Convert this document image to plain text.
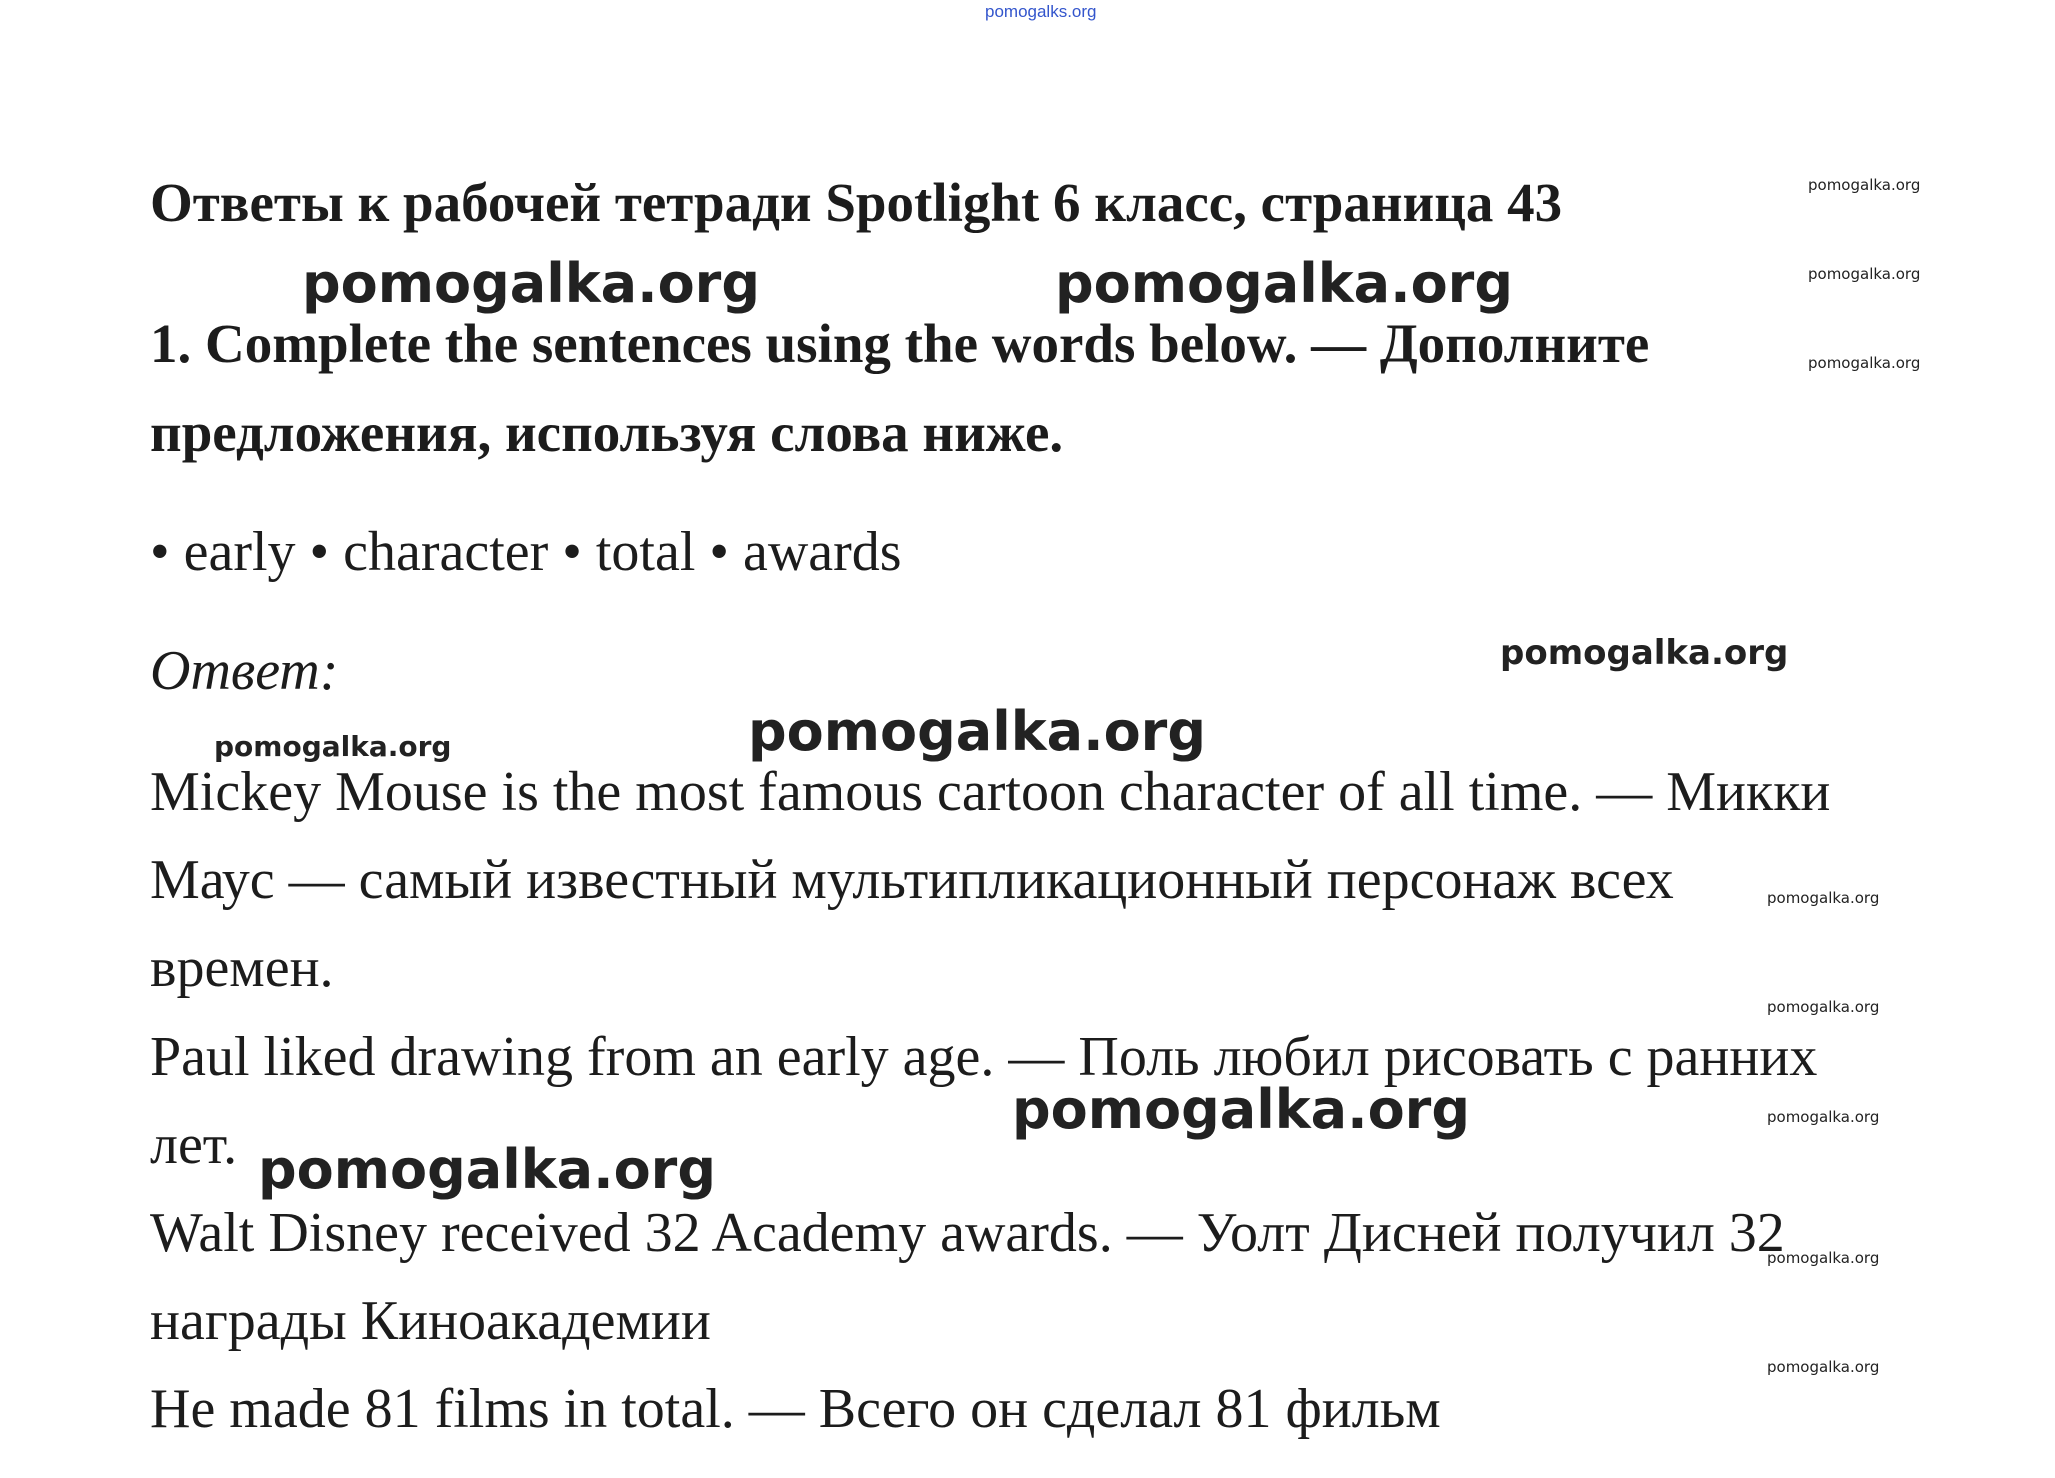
pomogalks.org
Ответы к рабочей тетради Spotlight 6 класс, страница 43
1. Complete the sentences using the words below. — Дополните
предложения, используя слова ниже.
• early • character • total • awards
Ответ:
Mickey Mouse is the most famous cartoon character of all time. — Микки
Маус — самый известный мультипликационный персонаж всех
времен.
Paul liked drawing from an early age. — Поль любил рисовать с ранних
лет.
Walt Disney received 32 Academy awards. — Уолт Дисней получил 32
награды Киноакадемии
He made 81 films in total. — Всего он сделал 81 фильм
pomogalka.org	pomogalka.org
pomogalka.org
pomogalka.org
pomogalka.org
pomogalka.org
pomogalka.org
pomogalka.org
pomogalka.org
pomogalka.org
pomogalka.org
pomogalka.org
pomogalka.org
pomogalka.org
pomogalka.org
